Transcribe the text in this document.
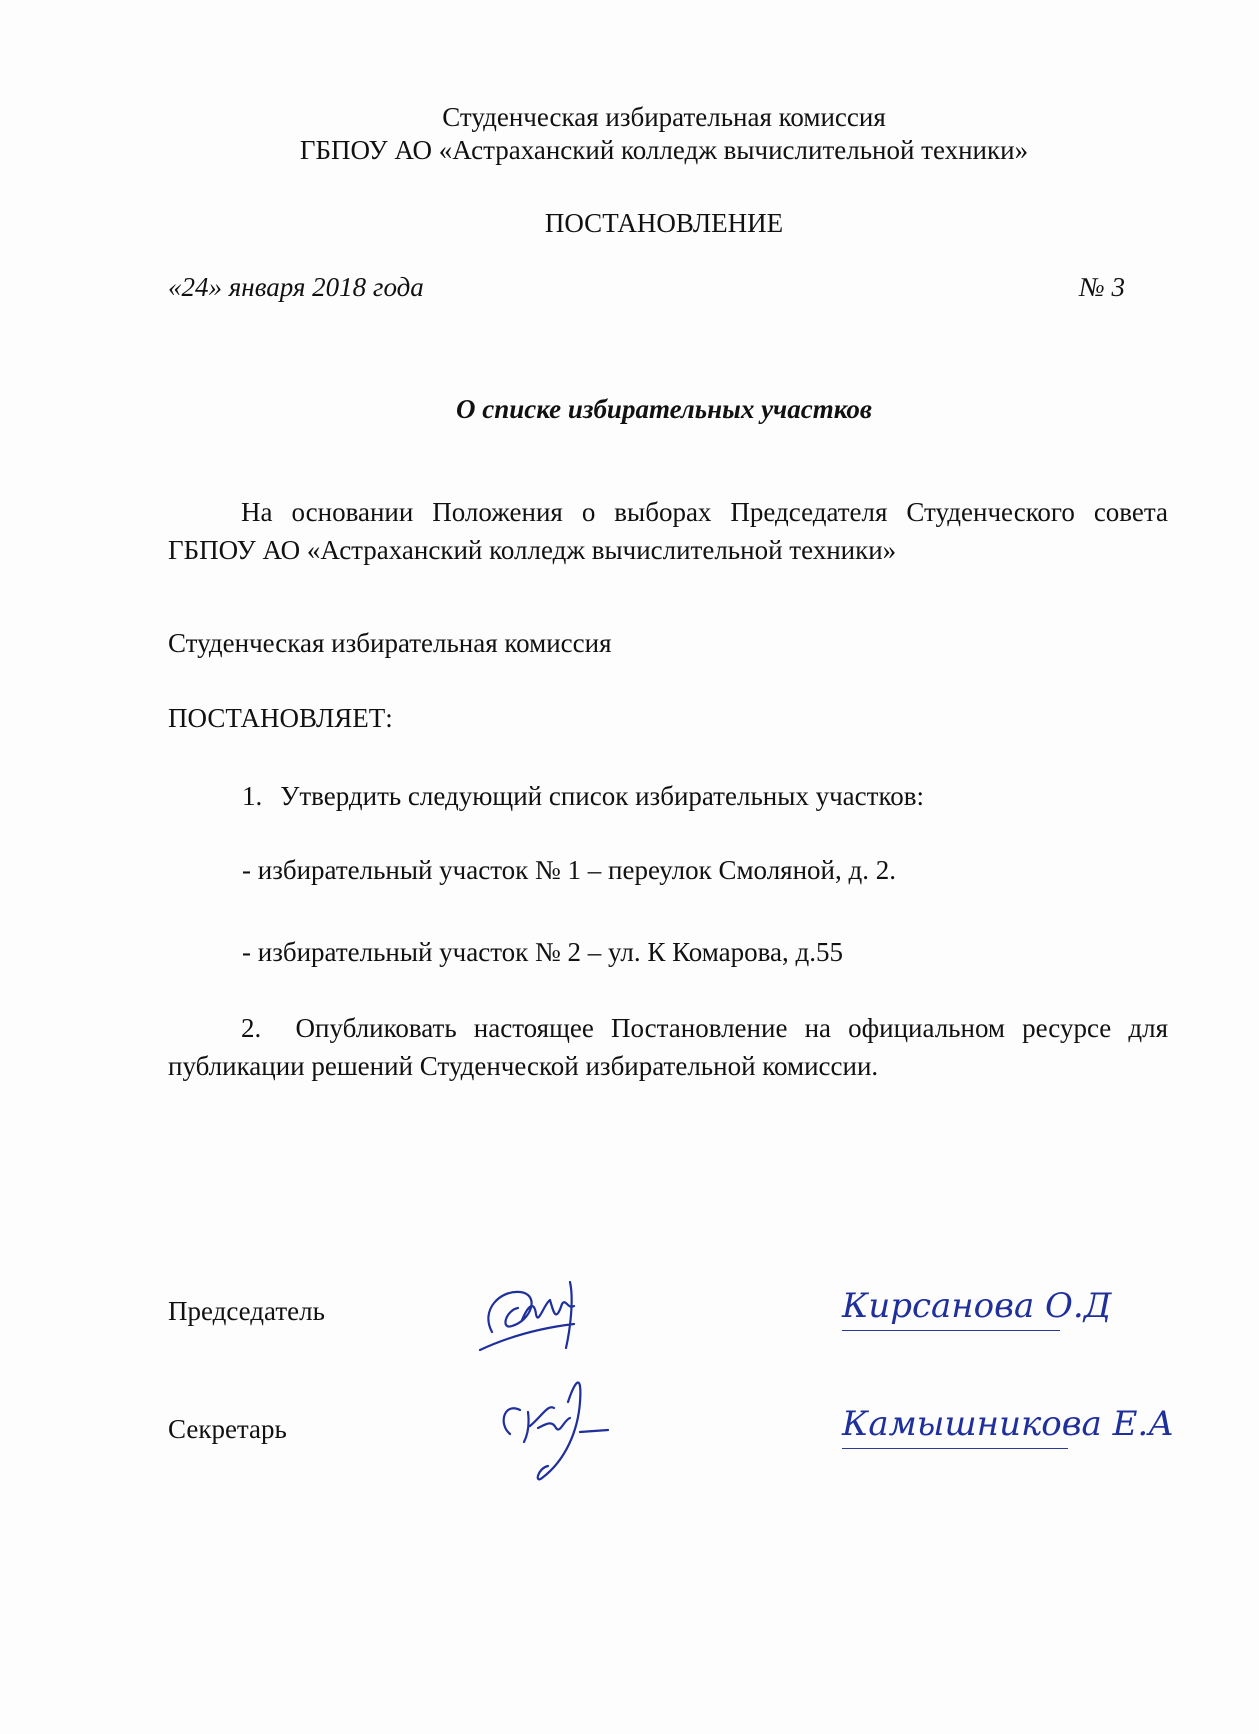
Студенческая избирательная комиссия
ГБПОУ АО «Астраханский колледж вычислительной техники»
ПОСТАНОВЛЕНИЕ
«24» января 2018 года	№ 3
О списке избирательных участков
На основании Положения о выборах Председателя Студенческого совета ГБПОУ АО «Астраханский колледж вычислительной техники»
Студенческая избирательная комиссия
ПОСТАНОВЛЯЕТ:
1. Утвердить следующий список избирательных участков:
- избирательный участок № 1 – переулок Смоляной, д. 2.
- избирательный участок № 2 – ул. К Комарова, д.55
2. Опубликовать настоящее Постановление на официальном ресурсе для публикации решений Студенческой избирательной комиссии.
Председатель	Кирсанова О.Д
Секретарь	Камышникова Е.А
